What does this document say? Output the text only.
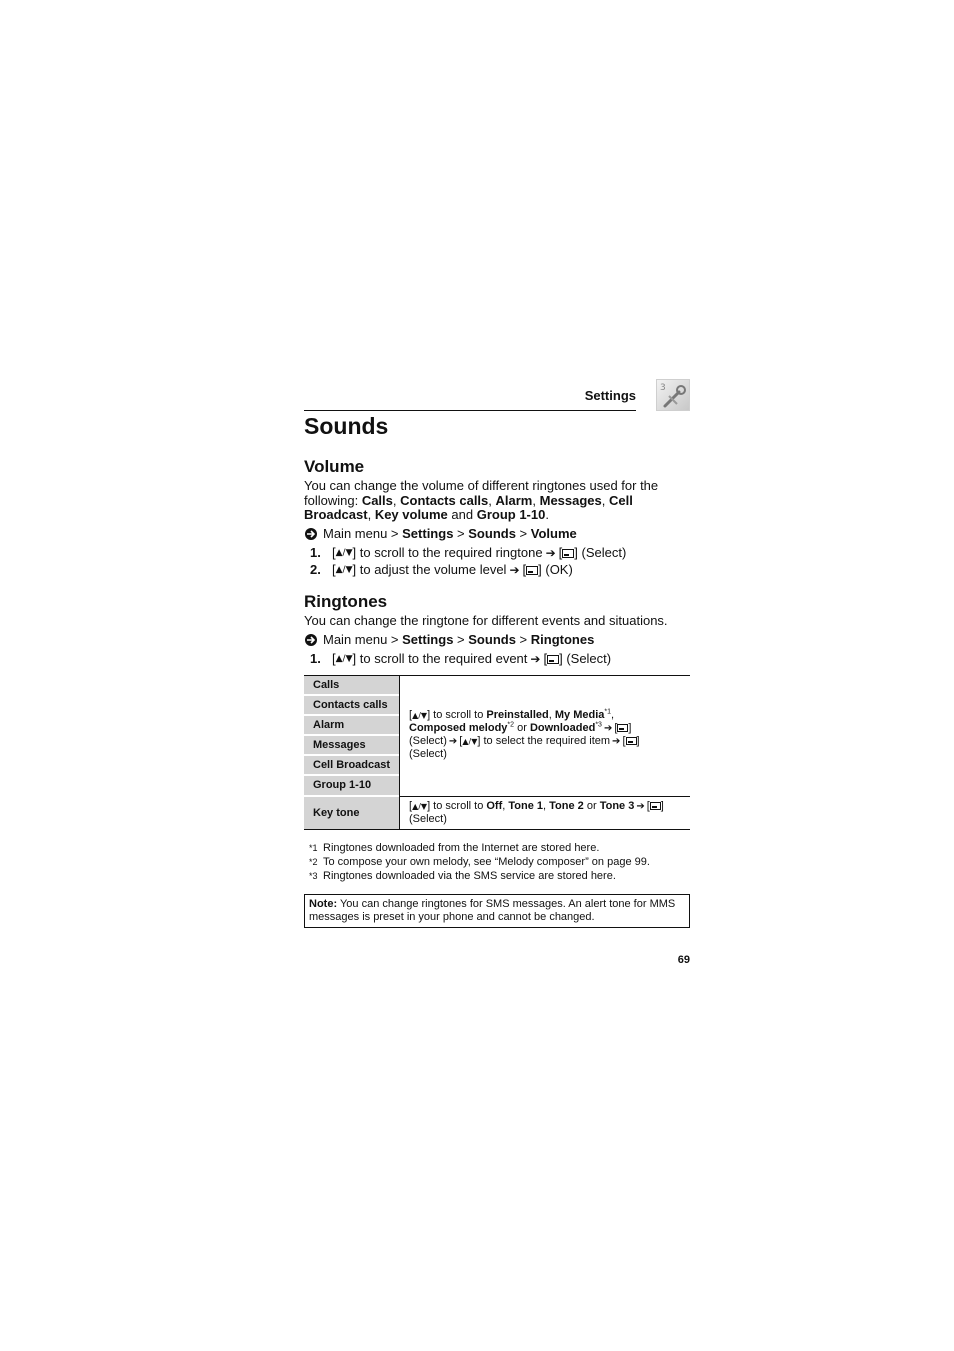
Settings	3
Sounds
Volume
You can change the volume of different ringtones used for the following: Calls, Contacts calls, Alarm, Messages, Cell Broadcast, Key volume and Group 1-10.
Main menu > Settings > Sounds > Volume
1. [ ▲/▼ ] to scroll to the required ringtone ➔ [ ] (Select)
2. [ ▲/▼ ] to adjust the volume level ➔ [ ] (OK)
Ringtones
You can change the ringtone for different events and situations.
Main menu > Settings > Sounds > Ringtones
1. [ ▲/▼ ] to scroll to the required event ➔ [ ] (Select)
Calls
Contacts calls
Alarm
Messages
Cell Broadcast
Group 1-10
Key tone
[▲/▼] to scroll to Preinstalled, My Media$^{*1}$,
Composed melody$^{*2}$ or Downloaded$^{*3}$ ➔ [ ]
(Select) ➔ [▲/▼] to select the required item ➔ [ ]
(Select)
[▲/▼] to scroll to Off, Tone 1, Tone 2 or Tone 3 ➔ [ ]
(Select)
*1 Ringtones downloaded from the Internet are stored here.
*2 To compose your own melody, see “Melody composer” on page 99.
*3 Ringtones downloaded via the SMS service are stored here.
Note: You can change ringtones for SMS messages. An alert tone for MMS messages is preset in your phone and cannot be changed.
69
